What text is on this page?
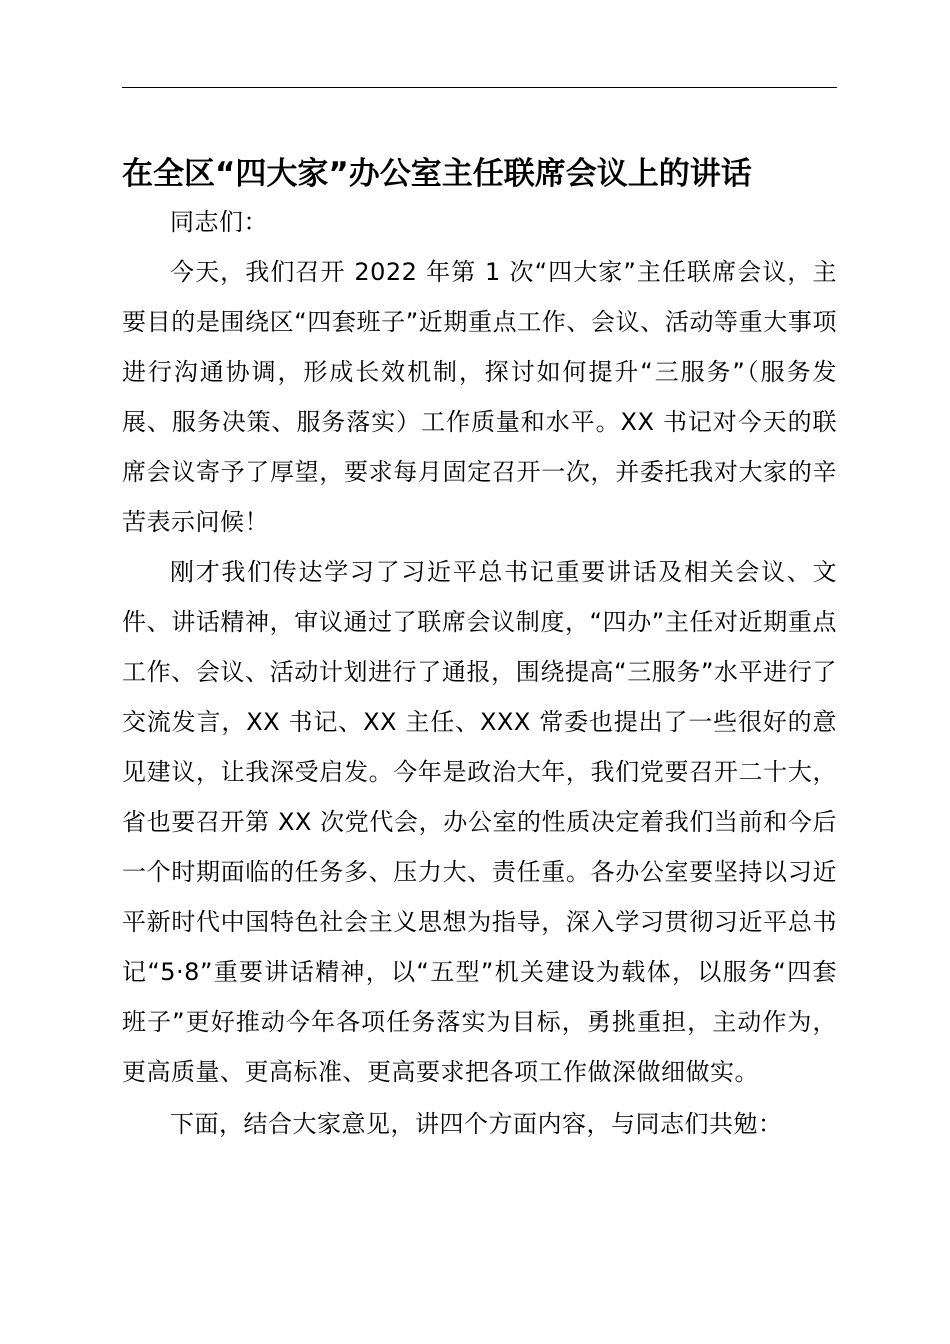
在全区“四大家”办公室主任联席会议上的讲话

同志们：

今天，我们召开 2022 年第 1 次“四大家”主任联席会议，主要目的是围绕区“四套班子”近期重点工作、会议、活动等重大事项进行沟通协调，形成长效机制，探讨如何提升“三服务”（服务发展、服务决策、服务落实）工作质量和水平。XX 书记对今天的联席会议寄予了厚望，要求每月固定召开一次，并委托我对大家的辛苦表示问候！

刚才我们传达学习了习近平总书记重要讲话及相关会议、文件、讲话精神，审议通过了联席会议制度，“四办”主任对近期重点工作、会议、活动计划进行了通报，围绕提高“三服务”水平进行了交流发言，XX 书记、XX 主任、XXX 常委也提出了一些很好的意见建议，让我深受启发。今年是政治大年，我们党要召开二十大，省也要召开第 XX 次党代会，办公室的性质决定着我们当前和今后一个时期面临的任务多、压力大、责任重。各办公室要坚持以习近平新时代中国特色社会主义思想为指导，深入学习贯彻习近平总书记“5·8”重要讲话精神，以“五型”机关建设为载体，以服务“四套班子”更好推动今年各项任务落实为目标，勇挑重担，主动作为，更高质量、更高标准、更高要求把各项工作做深做细做实。

下面，结合大家意见，讲四个方面内容，与同志们共勉：
